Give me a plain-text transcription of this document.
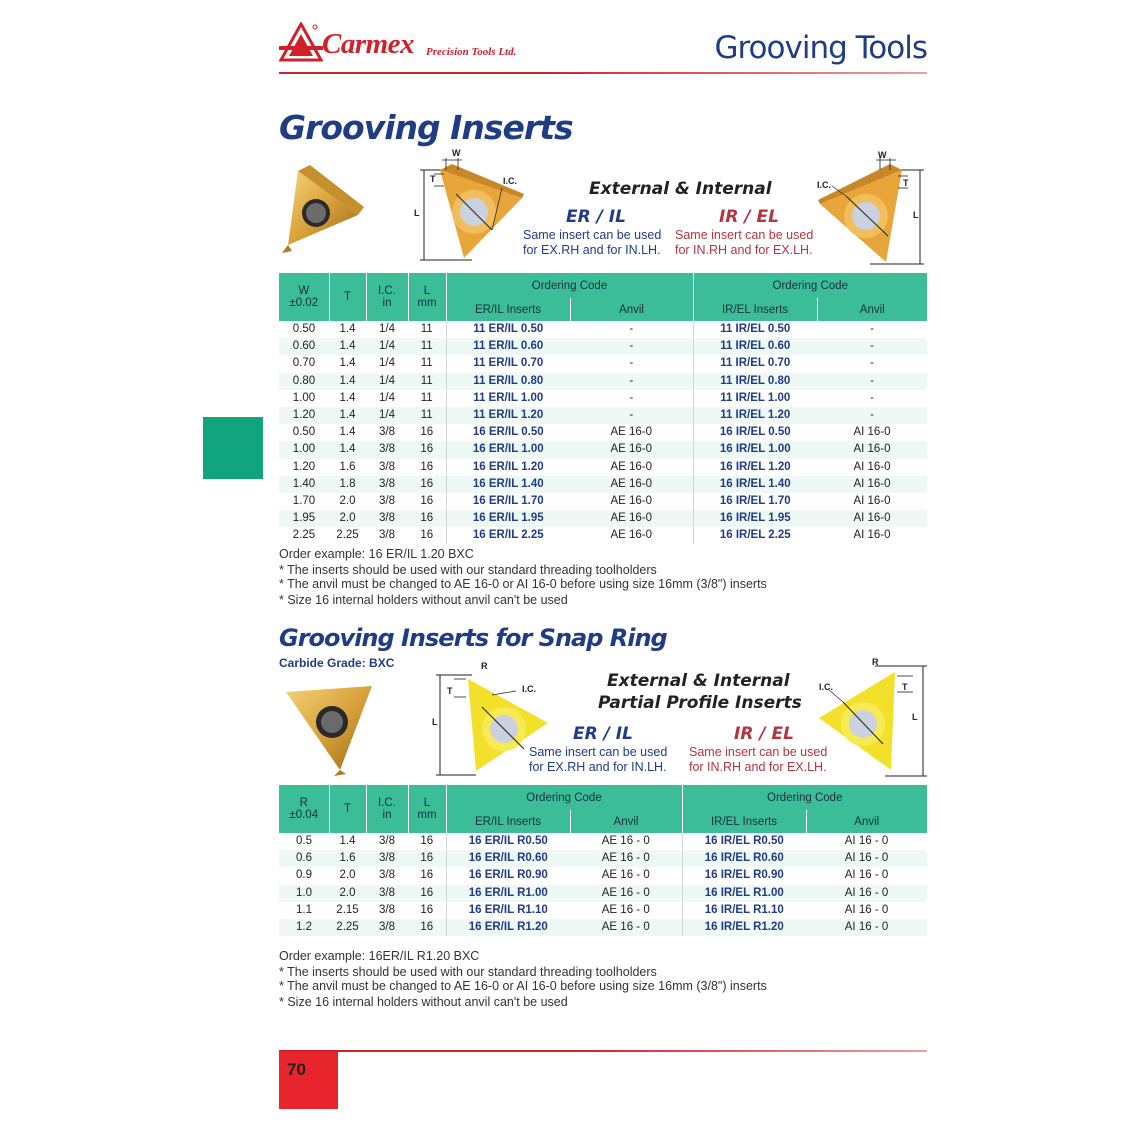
Carmex Precision Tools Ltd.	Grooving Tools
Grooving Inserts
W
T	I.C.
L
W
T
I.C.
L
External & Internal
ER / IL
Same insert can be used
for EX.RH and for IN.LH.
IR / EL
Same insert can be used
for IN.RH and for EX.LH.
W
±0.02	T	I.C.
in	L
mm	Ordering Code		Ordering Code	
				ER/IL Inserts	Anvil	IR/EL Inserts	Anvil
0.50	1.4	1/4	11	11 ER/IL 0.50	-	11 IR/EL 0.50	-
0.60	1.4	1/4	11	11 ER/IL 0.60	-	11 IR/EL 0.60	-
0.70	1.4	1/4	11	11 ER/IL 0.70	-	11 IR/EL 0.70	-
0.80	1.4	1/4	11	11 ER/IL 0.80	-	11 IR/EL 0.80	-
1.00	1.4	1/4	11	11 ER/IL 1.00	-	11 IR/EL 1.00	-
1.20	1.4	1/4	11	11 ER/IL 1.20	-	11 IR/EL 1.20	-
0.50	1.4	3/8	16	16 ER/IL 0.50	AE 16-0	16 IR/EL 0.50	AI 16-0
1.00	1.4	3/8	16	16 ER/IL 1.00	AE 16-0	16 IR/EL 1.00	AI 16-0
1.20	1.6	3/8	16	16 ER/IL 1.20	AE 16-0	16 IR/EL 1.20	AI 16-0
1.40	1.8	3/8	16	16 ER/IL 1.40	AE 16-0	16 IR/EL 1.40	AI 16-0
1.70	2.0	3/8	16	16 ER/IL 1.70	AE 16-0	16 IR/EL 1.70	AI 16-0
1.95	2.0	3/8	16	16 ER/IL 1.95	AE 16-0	16 IR/EL 1.95	AI 16-0
2.25	2.25	3/8	16	16 ER/IL 2.25	AE 16-0	16 IR/EL 2.25	AI 16-0
Order example: 16 ER/IL 1.20 BXC
* The inserts should be used with our standard threading toolholders
* The anvil must be changed to AE 16-0 or AI 16-0 before using size 16mm (3/8") inserts
* Size 16 internal holders without anvil can't be used
Grooving Inserts for Snap Ring
Carbide Grade: BXC	R
T	I.C.
L
R
T
I.C.
L
External & Internal
Partial Profile Inserts
ER / IL
Same insert can be used
for EX.RH and for IN.LH.
IR / EL
Same insert can be used
for IN.RH and for EX.LH.
R
±0.04	T	I.C.
in	L
mm	Ordering Code		Ordering Code	
				ER/IL Inserts	Anvil	IR/EL Inserts	Anvil
0.5	1.4	3/8	16	16 ER/IL R0.50	AE 16 - 0	16 IR/EL R0.50	AI 16 - 0
0.6	1.6	3/8	16	16 ER/IL R0.60	AE 16 - 0	16 IR/EL R0.60	AI 16 - 0
0.9	2.0	3/8	16	16 ER/IL R0.90	AE 16 - 0	16 IR/EL R0.90	AI 16 - 0
1.0	2.0	3/8	16	16 ER/IL R1.00	AE 16 - 0	16 IR/EL R1.00	AI 16 - 0
1.1	2.15	3/8	16	16 ER/IL R1.10	AE 16 - 0	16 IR/EL R1.10	AI 16 - 0
1.2	2.25	3/8	16	16 ER/IL R1.20	AE 16 - 0	16 IR/EL R1.20	AI 16 - 0
Order example: 16ER/IL R1.20 BXC
* The inserts should be used with our standard threading toolholders
* The anvil must be changed to AE 16-0 or AI 16-0 before using size 16mm (3/8") inserts
* Size 16 internal holders without anvil can't be used
70
